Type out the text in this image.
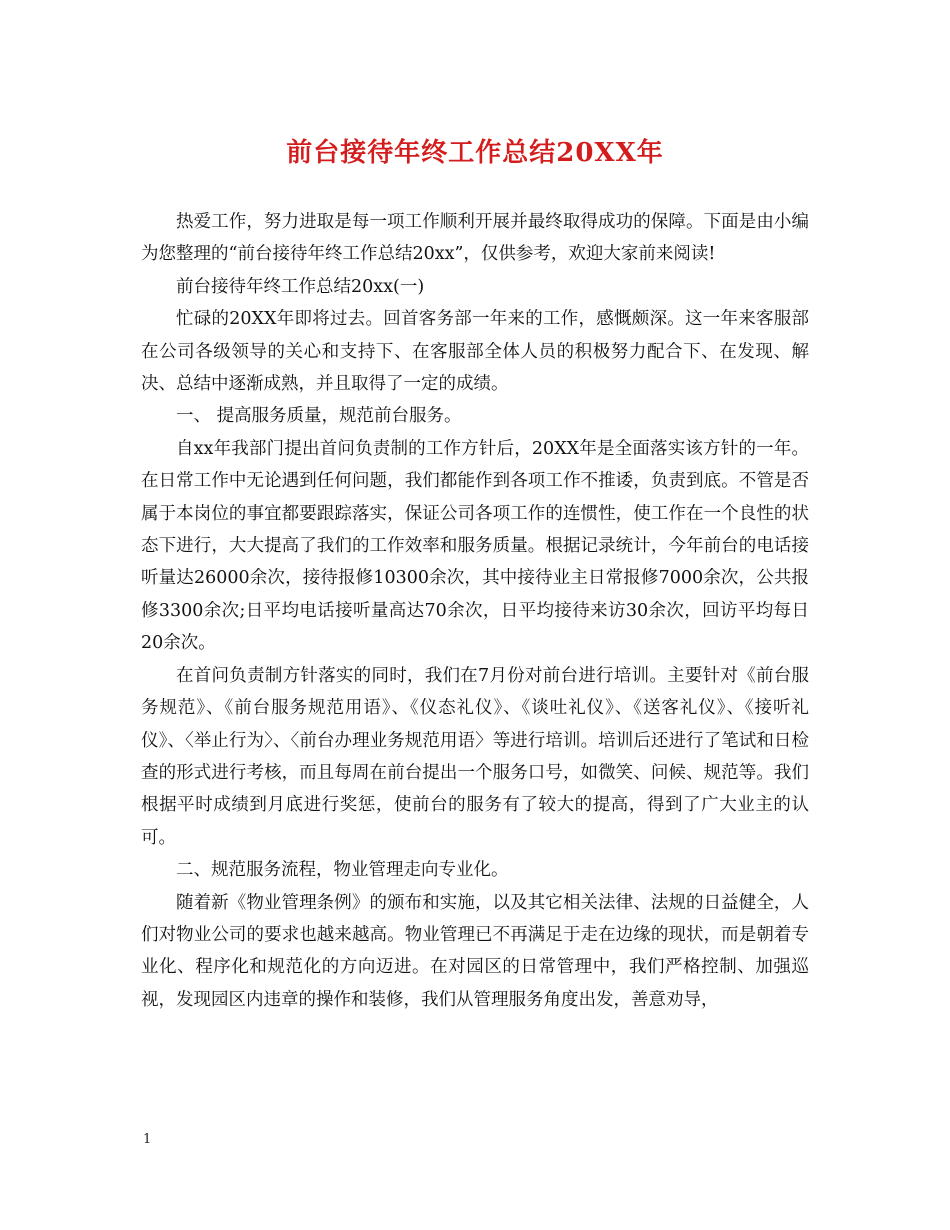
前台接待年终工作总结20XX年

热爱工作，努力进取是每一项工作顺利开展并最终取得成功的保障。下面是由小编为您整理的“前台接待年终工作总结20xx”，仅供参考，欢迎大家前来阅读!

前台接待年终工作总结20xx(一)

忙碌的20XX年即将过去。回首客务部一年来的工作，感慨颇深。这一年来客服部在公司各级领导的关心和支持下、在客服部全体人员的积极努力配合下、在发现、解决、总结中逐渐成熟，并且取得了一定的成绩。

一、 提高服务质量，规范前台服务。

自xx年我部门提出首问负责制的工作方针后，20XX年是全面落实该方针的一年。在日常工作中无论遇到任何问题，我们都能作到各项工作不推诿，负责到底。不管是否属于本岗位的事宜都要跟踪落实，保证公司各项工作的连惯性，使工作在一个良性的状态下进行，大大提高了我们的工作效率和服务质量。根据记录统计，今年前台的电话接听量达26000余次，接待报修10300余次，其中接待业主日常报修7000余次，公共报修3300余次;日平均电话接听量高达70余次，日平均接待来访30余次，回访平均每日20余次。

在首问负责制方针落实的同时，我们在7月份对前台进行培训。主要针对《前台服务规范》、《前台服务规范用语》、《仪态礼仪》、《谈吐礼仪》、《送客礼仪》、《接听礼仪》、〈举止行为〉、〈前台办理业务规范用语〉等进行培训。培训后还进行了笔试和日检查的形式进行考核，而且每周在前台提出一个服务口号，如微笑、问候、规范等。我们根据平时成绩到月底进行奖惩，使前台的服务有了较大的提高，得到了广大业主的认可。

二、规范服务流程，物业管理走向专业化。

随着新《物业管理条例》的颁布和实施，以及其它相关法律、法规的日益健全，人们对物业公司的要求也越来越高。物业管理已不再满足于走在边缘的现状，而是朝着专业化、程序化和规范化的方向迈进。在对园区的日常管理中，我们严格控制、加强巡视，发现园区内违章的操作和装修，我们从管理服务角度出发，善意劝导，

1
